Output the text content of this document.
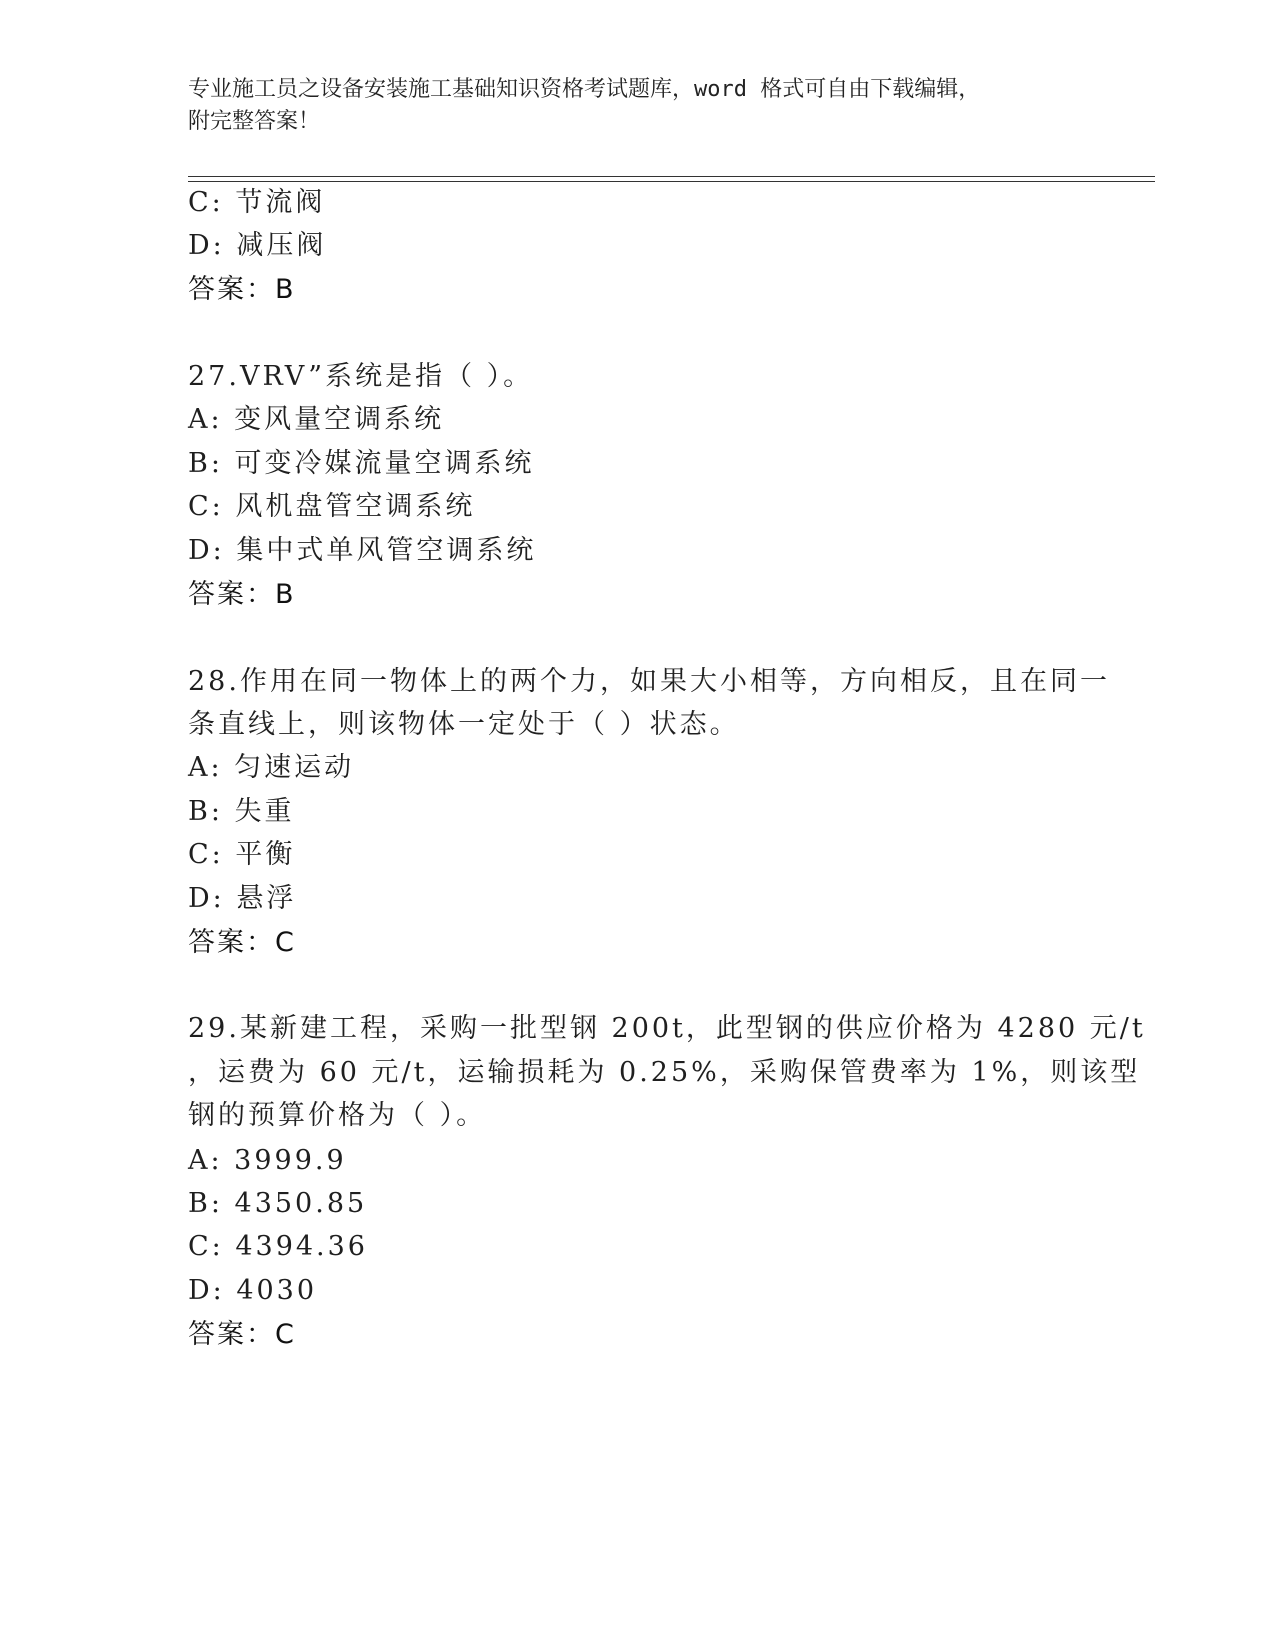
专业施工员之设备安装施工基础知识资格考试题库，word 格式可自由下载编辑，
附完整答案！
C: 节流阀
D: 减压阀
答案：B
27.VRV”系统是指（ ）。
A: 变风量空调系统
B: 可变冷媒流量空调系统
C: 风机盘管空调系统
D: 集中式单风管空调系统
答案：B
28.作用在同一物体上的两个力，如果大小相等，方向相反，且在同一
条直线上，则该物体一定处于（ ）状态。
A: 匀速运动
B: 失重
C: 平衡
D: 悬浮
答案：C
29.某新建工程，采购一批型钢 200t，此型钢的供应价格为 4280 元/t
，运费为 60 元/t，运输损耗为 0.25%，采购保管费率为 1%，则该型
钢的预算价格为（ ）。
A: 3999.9
B: 4350.85
C: 4394.36
D: 4030
答案：C
